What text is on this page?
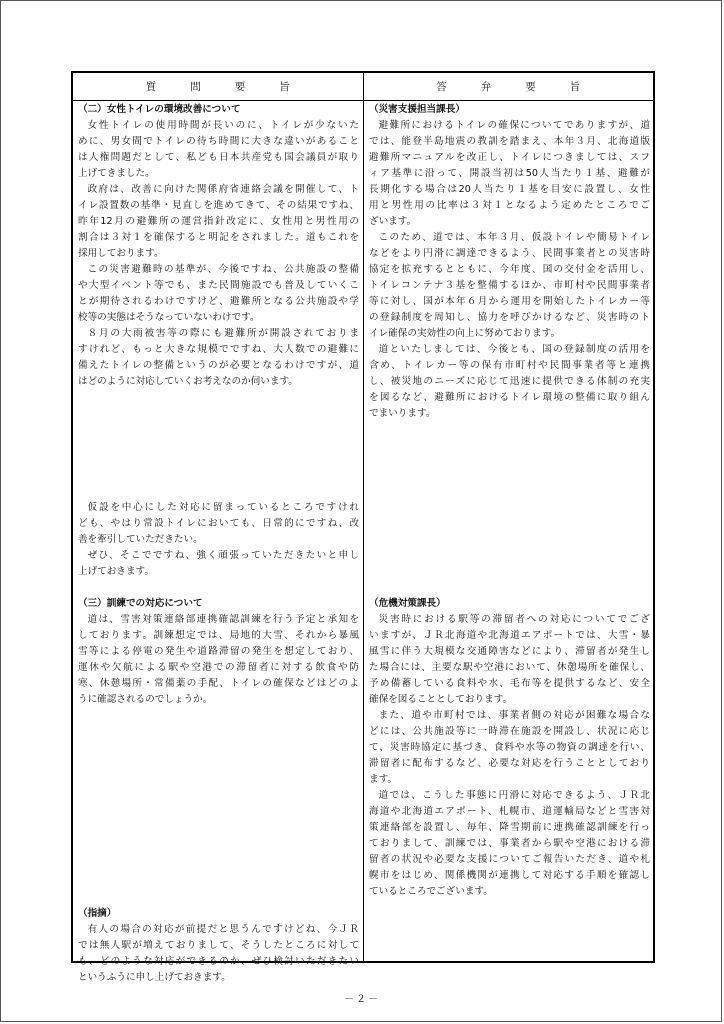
質問要旨	答弁要旨
（二）女性トイレの環境改善について
女性トイレの使用時間が長いのに、トイレが少ないた
めに、男女間でトイレの待ち時間に大きな違いがあること
は人権問題だとして、私ども日本共産党も国会議員が取り
上げてきました。
政府は、改善に向けた関係府省連絡会議を開催して、ト
イレ設置数の基準・見直しを進めてきて、その結果ですね、
昨年12月の避難所の運営指針改定に、女性用と男性用の
割合は３対１を確保すると明記をされました。道もこれを
採用しております。
この災害避難時の基準が、今後ですね、公共施設の整備
や大型イベント等でも、また民間施設でも普及していくこ
とが期待されるわけですけど、避難所となる公共施設や学
校等の実態はそうなっていないわけです。
８月の大雨被害等の際にも避難所が開設されておりま
すけれど、もっと大きな規模でですね、大人数での避難に
備えたトイレの整備というのが必要となるわけですが、道
はどのように対応していくお考えなのか伺います。
仮設を中心にした対応に留まっているところですけれ
ども、やはり常設トイレにおいても、日常的にですね、改
善を牽引していただきたい。
ぜひ、そこでですね、強く頑張っていただきたいと申し
上げておきます。
（三）訓練での対応について
道は、雪害対策連絡部連携確認訓練を行う予定と承知を
しております。訓練想定では、局地的大雪、それから暴風
雪等による停電の発生や道路滞留の発生を想定しており、
運休や欠航による駅や空港での滞留者に対する飲食や防
寒、休憩場所・常備薬の手配、トイレの確保などはどのよ
うに確認されるのでしょうか。
（指摘）
有人の場合の対応が前提だと思うんですけどね、今ＪＲ
では無人駅が増えておりまして、そうしたところに対して
も、どのような対応ができるのか、ぜひ検討いただきたい
というふうに申し上げておきます。
（災害支援担当課長）
避難所におけるトイレの確保についてでありますが、道
では、能登半島地震の教訓を踏まえ、本年３月、北海道版
避難所マニュアルを改正し、トイレにつきましては、スフ
ィア基準に沿って、開設当初は50人当たり１基、避難が
長期化する場合は20人当たり１基を目安に設置し、女性
用と男性用の比率は３対１となるよう定めたところでご
ざいます。
このため、道では、本年３月、仮設トイレや簡易トイレ
などをより円滑に調達できるよう、民間事業者との災害時
協定を拡充するとともに、今年度、国の交付金を活用し、
トイレコンテナ３基を整備するほか、市町村や民間事業者
等に対し、国が本年６月から運用を開始したトイレカー等
の登録制度を周知し、協力を呼びかけるなど、災害時のト
イレ確保の実効性の向上に努めております。
道といたしましては、今後とも、国の登録制度の活用を
含め、トイレカー等の保有市町村や民間事業者等と連携
し、被災地のニーズに応じて迅速に提供できる体制の充実
を図るなど、避難所におけるトイレ環境の整備に取り組ん
でまいります。
（危機対策課長）
災害時における駅等の滞留者への対応についてでござ
いますが、ＪＲ北海道や北海道エアポートでは、大雪・暴
風雪に伴う大規模な交通障害などにより、滞留者が発生し
た場合には、主要な駅や空港において、休憩場所を確保し、
予め備蓄している食料や水、毛布等を提供するなど、安全
確保を図ることとしております。
また、道や市町村では、事業者側の対応が困難な場合な
どには、公共施設等に一時滞在施設を開設し、状況に応じ
て、災害時協定に基づき、食料や水等の物資の調達を行い、
滞留者に配布するなど、必要な対応を行うこととしており
ます。
道では、こうした事態に円滑に対応できるよう、ＪＲ北
海道や北海道エアポート、札幌市、道運輸局などと雪害対
策連絡部を設置し、毎年、降雪期前に連携確認訓練を行っ
ておりまして、訓練では、事業者から駅や空港における滞
留者の状況や必要な支援についてご報告いただき、道や札
幌市をはじめ、関係機関が連携して対応する手順を確認し
ているところでございます。
－２－
